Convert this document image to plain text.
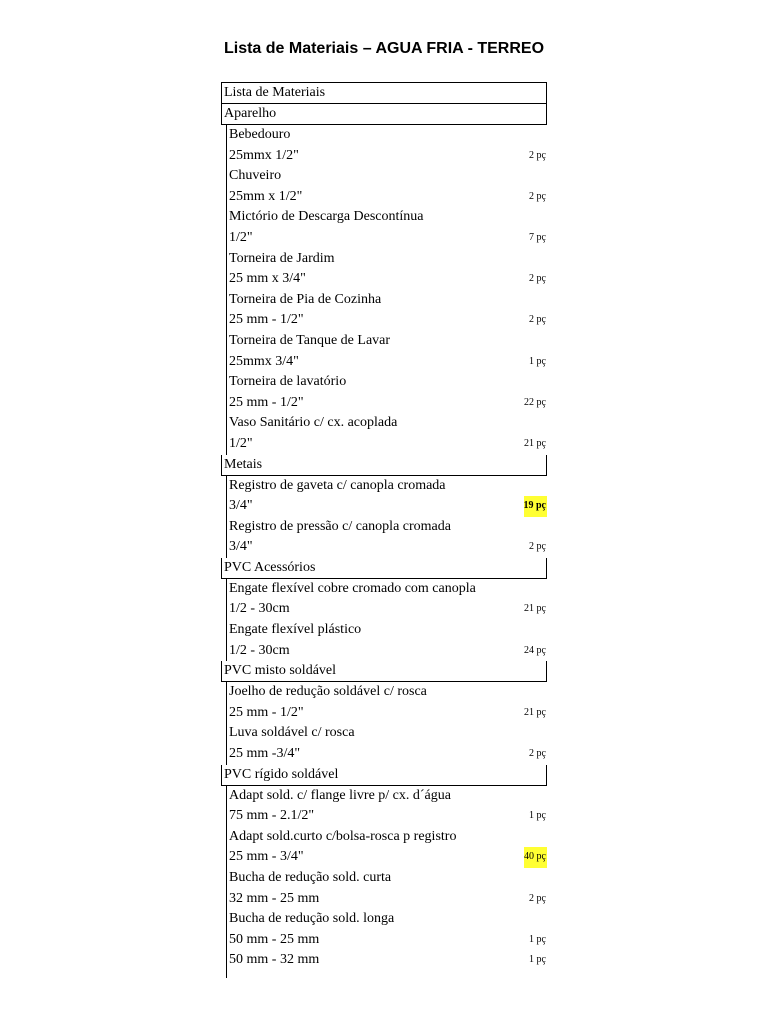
Lista de Materiais – AGUA FRIA - TERREO
Lista de Materiais
Aparelho
Bebedouro
25mmx 1/2"	2 pç
Chuveiro
25mm x 1/2"	2 pç
Mictório de Descarga Descontínua
1/2"	7 pç
Torneira de Jardim
25 mm x 3/4"	2 pç
Torneira de Pia de Cozinha
25 mm - 1/2"	2 pç
Torneira de Tanque de Lavar
25mmx 3/4"	1 pç
Torneira de lavatório
25 mm - 1/2"	22 pç
Vaso Sanitário c/ cx. acoplada
1/2"	21 pç
Metais
Registro de gaveta c/ canopla cromada
3/4"	19 pç
Registro de pressão c/ canopla cromada
3/4"	2 pç
PVC Acessórios
Engate flexível cobre cromado com canopla
1/2 - 30cm	21 pç
Engate flexível plástico
1/2 - 30cm	24 pç
PVC misto soldável
Joelho de redução soldável c/ rosca
25 mm - 1/2"	21 pç
Luva soldável c/ rosca
25 mm -3/4"	2 pç
PVC rígido soldável
Adapt sold. c/ flange livre p/ cx. d´água
75 mm - 2.1/2"	1 pç
Adapt sold.curto c/bolsa-rosca p registro
25 mm - 3/4"	40 pç
Bucha de redução sold. curta
32 mm - 25 mm	2 pç
Bucha de redução sold. longa
50 mm - 25 mm	1 pç
50 mm - 32 mm	1 pç
